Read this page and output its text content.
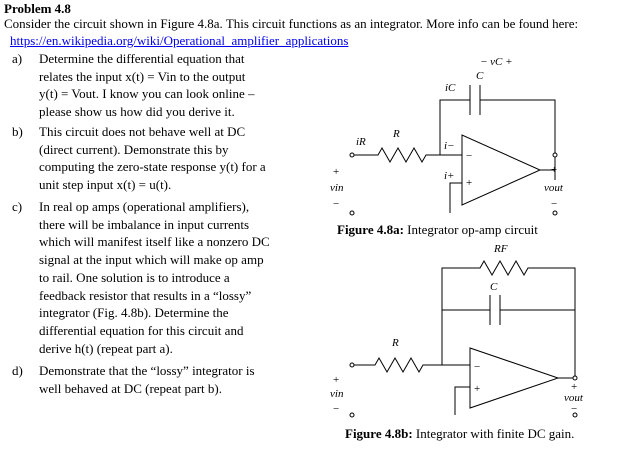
Problem 4.8
Consider the circuit shown in Figure 4.8a. This circuit functions as an integrator. More info can be found here:
https://en.wikipedia.org/wiki/Operational_amplifier_applications
a) Determine the differential equation that
relates the input x(t) = Vin to the output
y(t) = Vout. I know you can look online –
please show us how did you derive it.
b) This circuit does not behave well at DC
(direct current). Demonstrate this by
computing the zero-state response y(t) for a
unit step input x(t) = u(t).
c) In real op amps (operational amplifiers),
there will be imbalance in input currents
which will manifest itself like a nonzero DC
signal at the input which will make op amp
to rail. One solution is to introduce a
feedback resistor that results in a “lossy”
integrator (Fig. 4.8b). Determine the
differential equation for this circuit and
derive h(t) (repeat part a).
d) Demonstrate that the “lossy” integrator is
well behaved at DC (repeat part b).
− vC +
C
iC
iR
R
i−
i+
−
+
+
vin
−
+
vout
−
Figure 4.8a: Integrator op-amp circuit
RF
C
R
−
+
+
vin
−
+
vout
−
Figure 4.8b: Integrator with finite DC gain.
